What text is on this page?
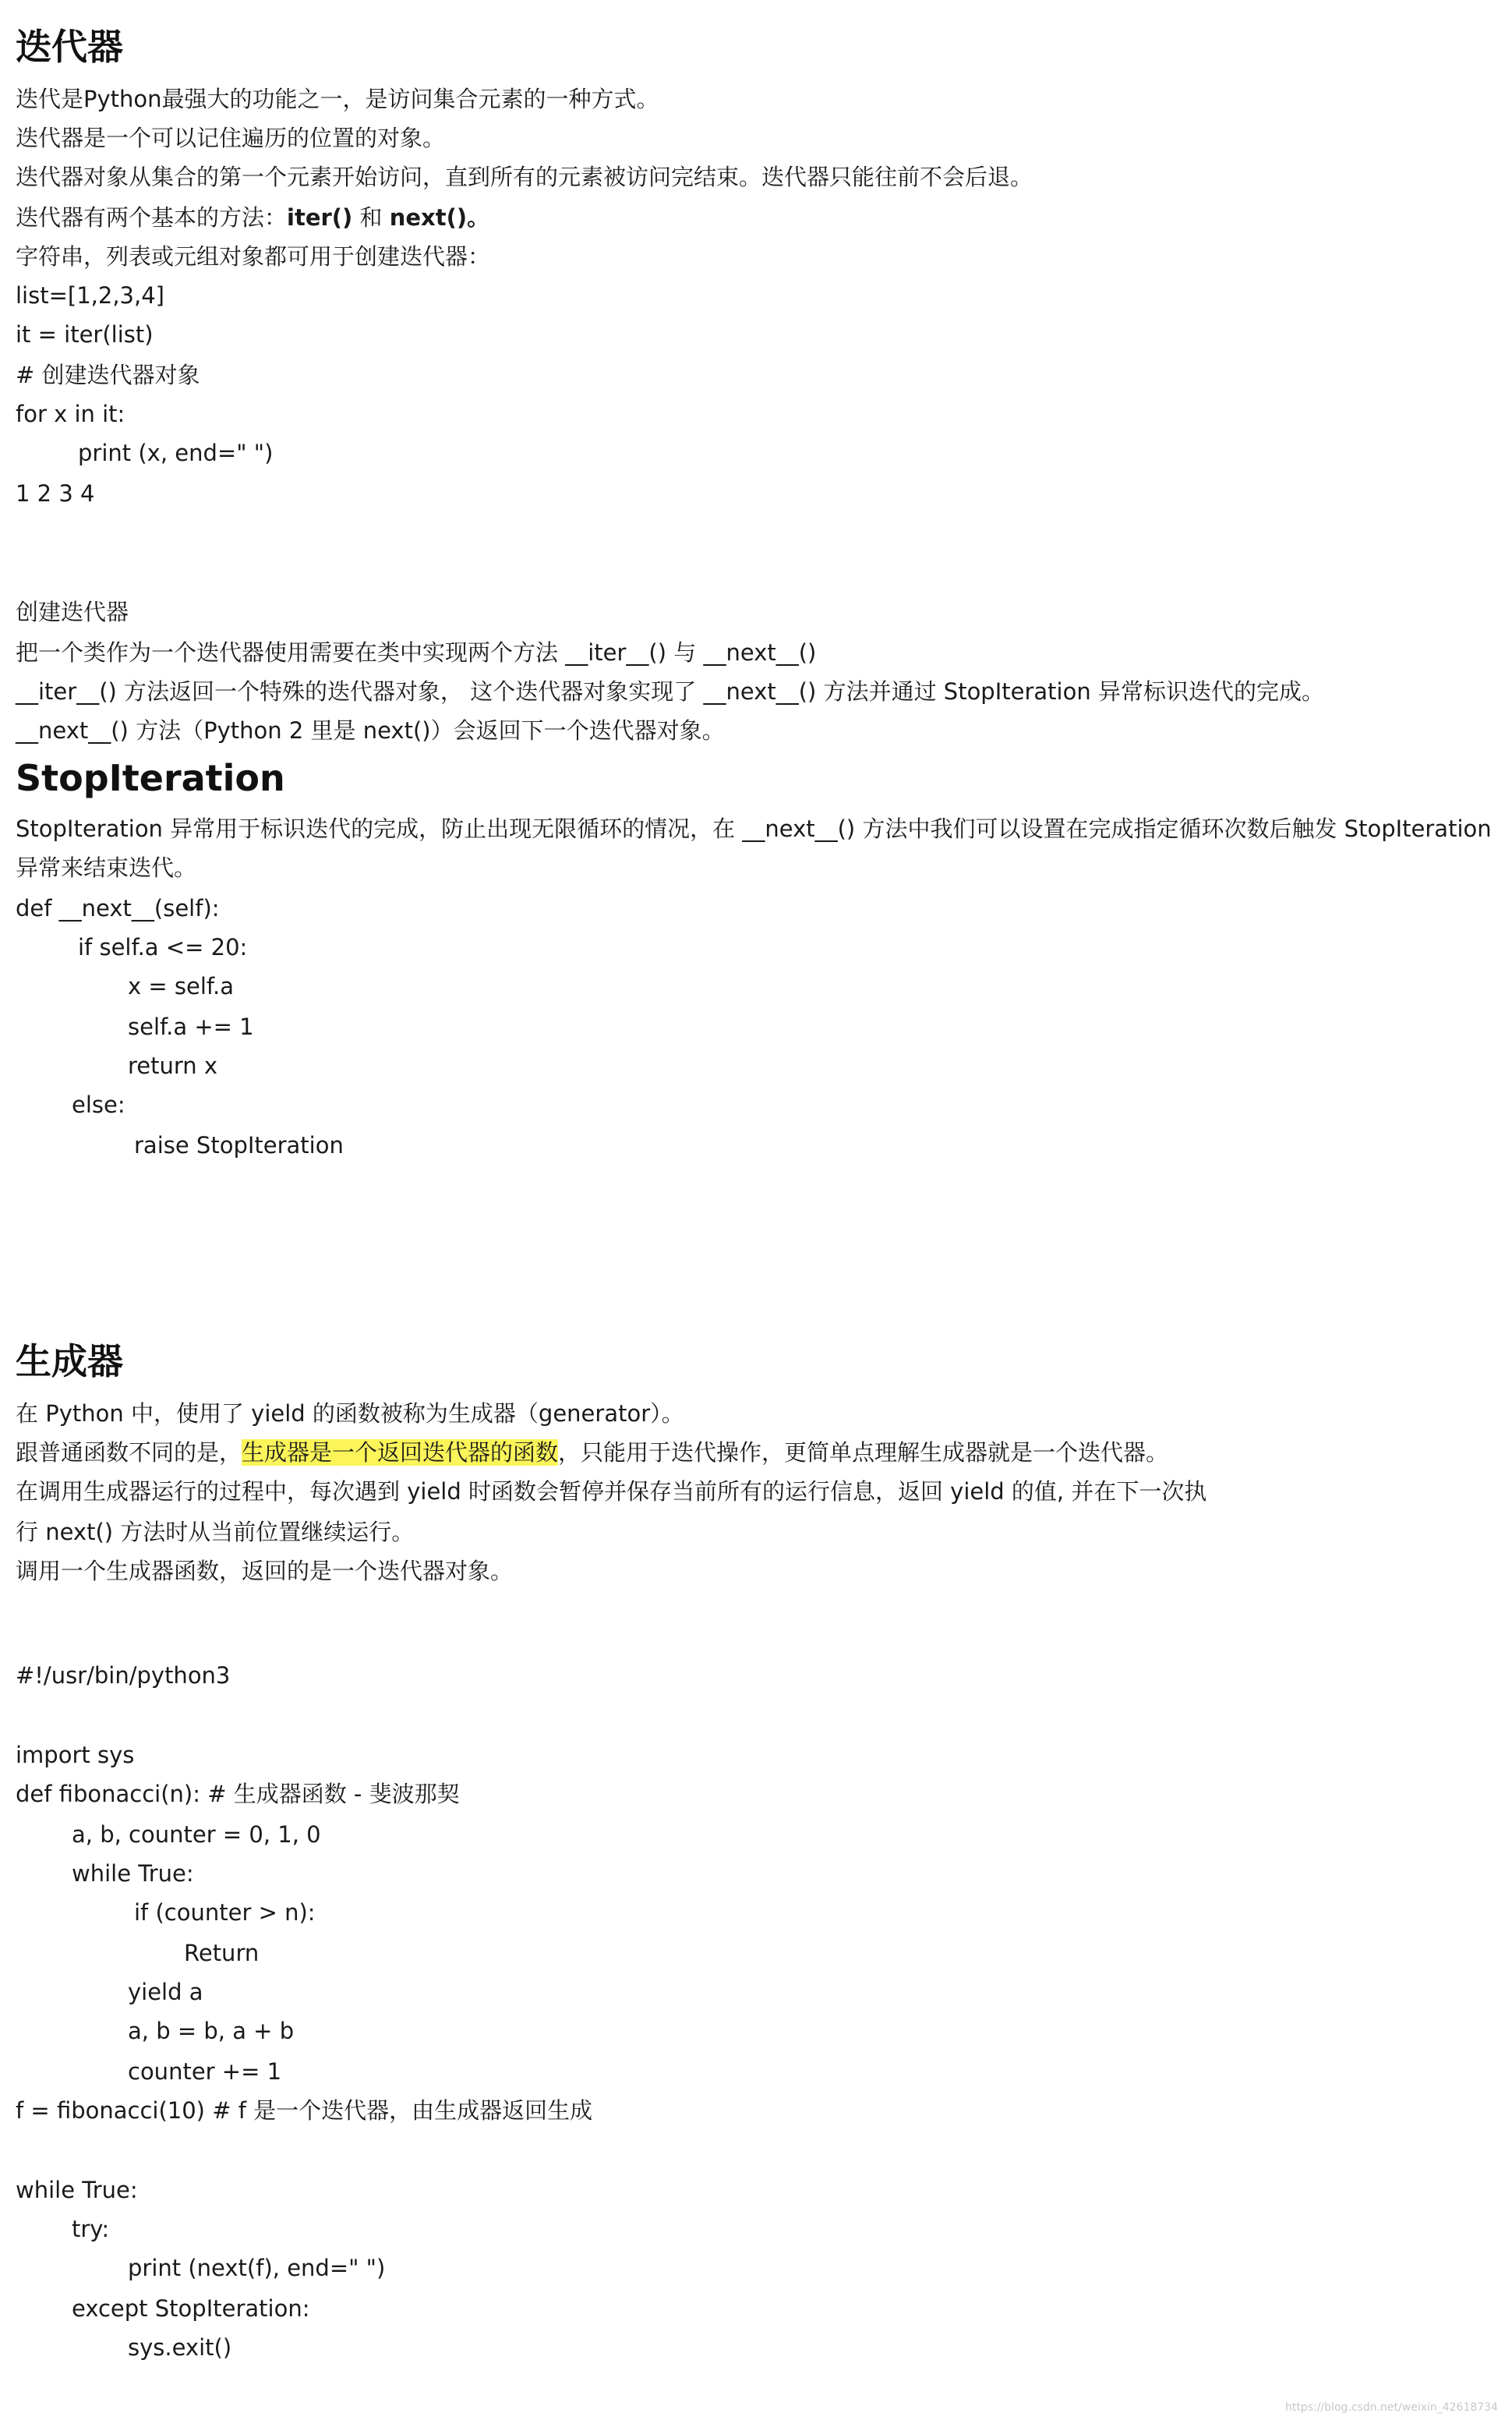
迭代器
迭代是Python最强大的功能之一，是访问集合元素的一种方式。
迭代器是一个可以记住遍历的位置的对象。
迭代器对象从集合的第一个元素开始访问，直到所有的元素被访问完结束。迭代器只能往前不会后退。
迭代器有两个基本的方法：iter() 和 next()。
字符串，列表或元组对象都可用于创建迭代器：
list=[1,2,3,4]
it = iter(list)
# 创建迭代器对象
for x in it:
print (x, end=" ")
1 2 3 4
创建迭代器
把一个类作为一个迭代器使用需要在类中实现两个方法 __iter__() 与 __next__()
__iter__() 方法返回一个特殊的迭代器对象， 这个迭代器对象实现了 __next__() 方法并通过 StopIteration 异常标识迭代的完成。
__next__() 方法（Python 2 里是 next()）会返回下一个迭代器对象。
StopIteration
StopIteration 异常用于标识迭代的完成，防止出现无限循环的情况，在 __next__() 方法中我们可以设置在完成指定循环次数后触发 StopIteration
异常来结束迭代。
def __next__(self):
if self.a <= 20:
x = self.a
self.a += 1
return x
else:
raise StopIteration
生成器
在 Python 中，使用了 yield 的函数被称为生成器（generator）。
跟普通函数不同的是，生成器是一个返回迭代器的函数，只能用于迭代操作，更简单点理解生成器就是一个迭代器。
在调用生成器运行的过程中，每次遇到 yield 时函数会暂停并保存当前所有的运行信息，返回 yield 的值, 并在下一次执
行 next() 方法时从当前位置继续运行。
调用一个生成器函数，返回的是一个迭代器对象。
#!/usr/bin/python3
import sys
def fibonacci(n): # 生成器函数 - 斐波那契
a, b, counter = 0, 1, 0
while True:
if (counter > n):
Return
yield a
a, b = b, a + b
counter += 1
f = fibonacci(10) # f 是一个迭代器，由生成器返回生成
while True:
try:
print (next(f), end=" ")
except StopIteration:
sys.exit()
https://blog.csdn.net/weixin_42618734
